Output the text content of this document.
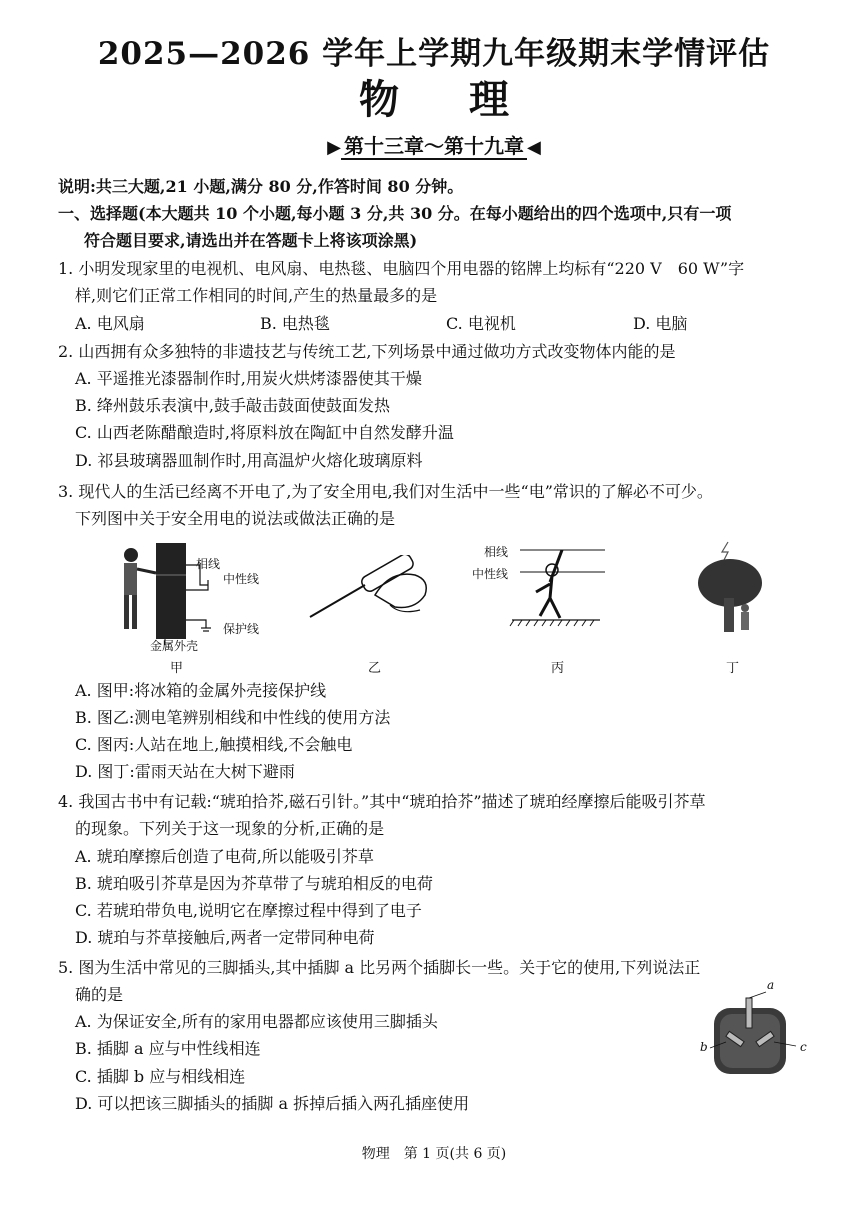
2025—2026 学年上学期九年级期末学情评估
物理
▶ 第十三章～第十九章 ◀
说明:共三大题,21 小题,满分 80 分,作答时间 80 分钟。
一、选择题(本大题共 10 个小题,每小题 3 分,共 30 分。在每小题给出的四个选项中,只有一项
符合题目要求,请选出并在答题卡上将该项涂黑)
1. 小明发现家里的电视机、电风扇、电热毯、电脑四个用电器的铭牌上均标有“220 V　60 W”字
样,则它们正常工作相同的时间,产生的热量最多的是
A. 电风扇	B. 电热毯	C. 电视机	D. 电脑
2. 山西拥有众多独特的非遗技艺与传统工艺,下列场景中通过做功方式改变物体内能的是
A. 平遥推光漆器制作时,用炭火烘烤漆器使其干燥
B. 绛州鼓乐表演中,鼓手敲击鼓面使鼓面发热
C. 山西老陈醋酿造时,将原料放在陶缸中自然发酵升温
D. 祁县玻璃器皿制作时,用高温炉火熔化玻璃原料
3. 现代人的生活已经离不开电了,为了安全用电,我们对生活中一些“电”常识的了解必不可少。
下列图中关于安全用电的说法或做法正确的是
相线
中性线
保护线
金属外壳
相线
中性线
甲	乙	丙	丁
A. 图甲:将冰箱的金属外壳接保护线
B. 图乙:测电笔辨别相线和中性线的使用方法
C. 图丙:人站在地上,触摸相线,不会触电
D. 图丁:雷雨天站在大树下避雨
4. 我国古书中有记载:“琥珀拾芥,磁石引针。”其中“琥珀拾芥”描述了琥珀经摩擦后能吸引芥草
的现象。下列关于这一现象的分析,正确的是
A. 琥珀摩擦后创造了电荷,所以能吸引芥草
B. 琥珀吸引芥草是因为芥草带了与琥珀相反的电荷
C. 若琥珀带负电,说明它在摩擦过程中得到了电子
D. 琥珀与芥草接触后,两者一定带同种电荷
5. 图为生活中常见的三脚插头,其中插脚 a 比另两个插脚长一些。关于它的使用,下列说法正
确的是
A. 为保证安全,所有的家用电器都应该使用三脚插头
B. 插脚 a 应与中性线相连
C. 插脚 b 应与相线相连
D. 可以把该三脚插头的插脚 a 拆掉后插入两孔插座使用
a
b	c
物理　第 1 页(共 6 页)
